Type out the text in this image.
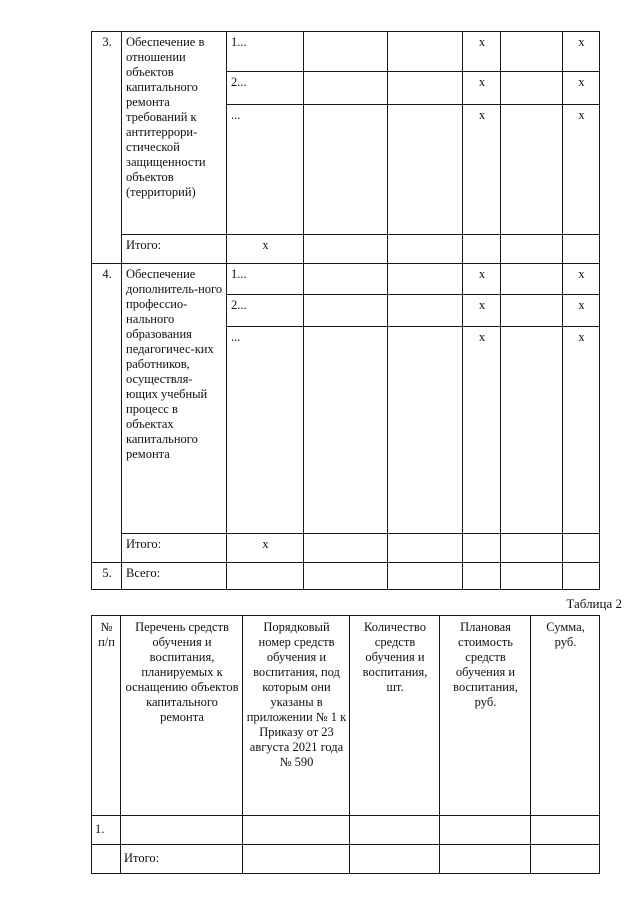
3.	Обеспечение в отношении объектов капитального ремонта требований к антитеррори-стической защищенности объектов (территорий)	1...			x		x
		2...			x		x
		...			x		x
	Итого:	x					
4.	Обеспечение дополнитель-ного профессио-нального образования педагогичес-ких работников, осуществля-ющих учебный процесс в объектах капитального ремонта	1...			x		x
		2...			x		x
		...			x		x
	Итого:	x					
5.	Всего:						
Таблица 2
№ п/п	Перечень средств обучения и воспитания, планируемых к оснащению объектов капитального ремонта	Порядковый номер средств обучения и воспитания, под которым они указаны в приложении № 1 к Приказу от 23 августа 2021 года № 590	Количество средств обучения и воспитания, шт.	Плановая стоимость средств обучения и воспитания, руб.	Сумма, руб.
1.					
	Итого:				
